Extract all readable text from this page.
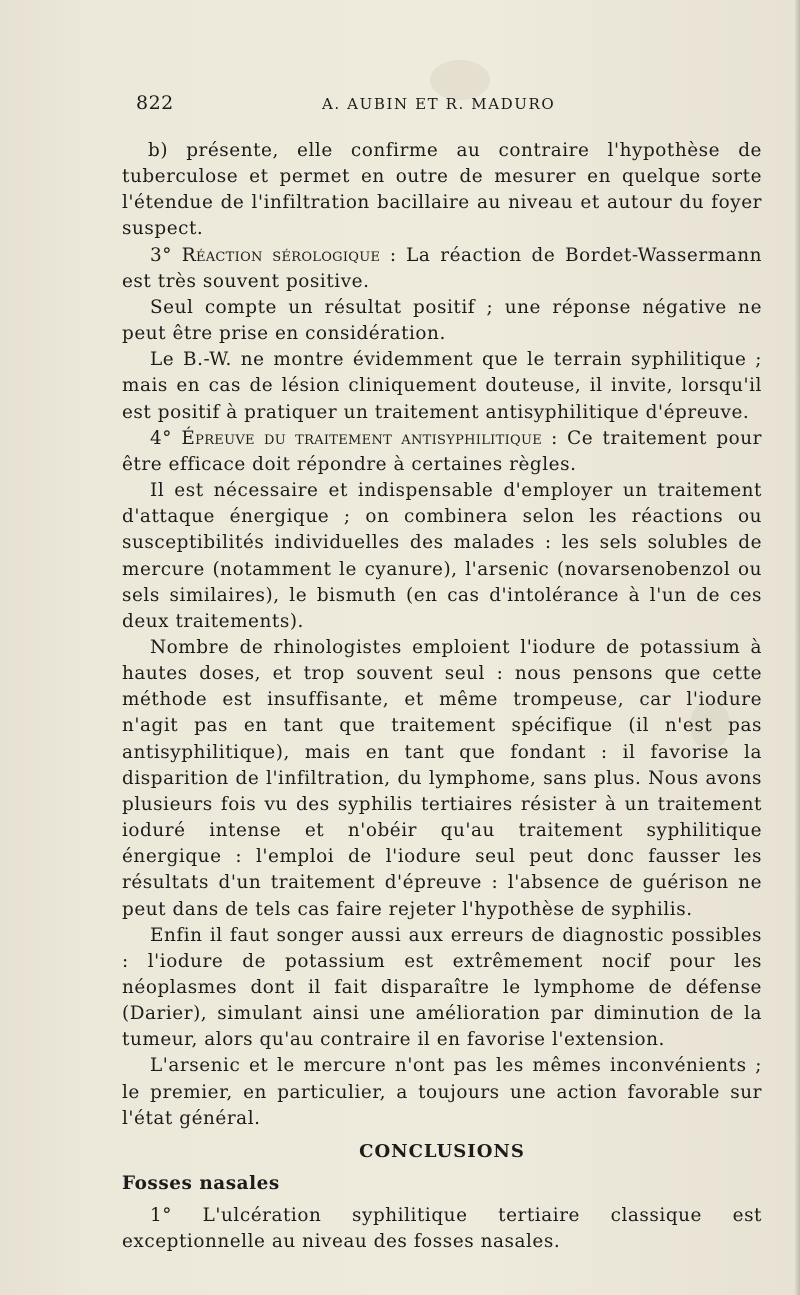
822	A. AUBIN ET R. MADURO

b) présente, elle confirme au contraire l'hypothèse de tuberculose et permet en outre de mesurer en quelque sorte l'étendue de l'infiltration bacillaire au niveau et autour du foyer suspect.

3° Réaction sérologique : La réaction de Bordet-Wassermann est très souvent positive.

Seul compte un résultat positif ; une réponse négative ne peut être prise en considération.

Le B.-W. ne montre évidemment que le terrain syphilitique ; mais en cas de lésion cliniquement douteuse, il invite, lorsqu'il est positif à pratiquer un traitement antisyphilitique d'épreuve.

4° Épreuve du traitement antisyphilitique : Ce traitement pour être efficace doit répondre à certaines règles.

Il est nécessaire et indispensable d'employer un traitement d'attaque énergique ; on combinera selon les réactions ou susceptibilités individuelles des malades : les sels solubles de mercure (notamment le cyanure), l'arsenic (novarsenobenzol ou sels similaires), le bismuth (en cas d'intolérance à l'un de ces deux traitements).

Nombre de rhinologistes emploient l'iodure de potassium à hautes doses, et trop souvent seul : nous pensons que cette méthode est insuffisante, et même trompeuse, car l'iodure n'agit pas en tant que traitement spécifique (il n'est pas antisyphilitique), mais en tant que fondant : il favorise la disparition de l'infiltration, du lymphome, sans plus. Nous avons plusieurs fois vu des syphilis tertiaires résister à un traitement ioduré intense et n'obéir qu'au traitement syphilitique énergique : l'emploi de l'iodure seul peut donc fausser les résultats d'un traitement d'épreuve : l'absence de guérison ne peut dans de tels cas faire rejeter l'hypothèse de syphilis.

Enfin il faut songer aussi aux erreurs de diagnostic possibles : l'iodure de potassium est extrêmement nocif pour les néoplasmes dont il fait disparaître le lymphome de défense (Darier), simulant ainsi une amélioration par diminution de la tumeur, alors qu'au contraire il en favorise l'extension.

L'arsenic et le mercure n'ont pas les mêmes inconvénients ; le premier, en particulier, a toujours une action favorable sur l'état général.

CONCLUSIONS

Fosses nasales

1° L'ulcération syphilitique tertiaire classique est exceptionnelle au niveau des fosses nasales.
